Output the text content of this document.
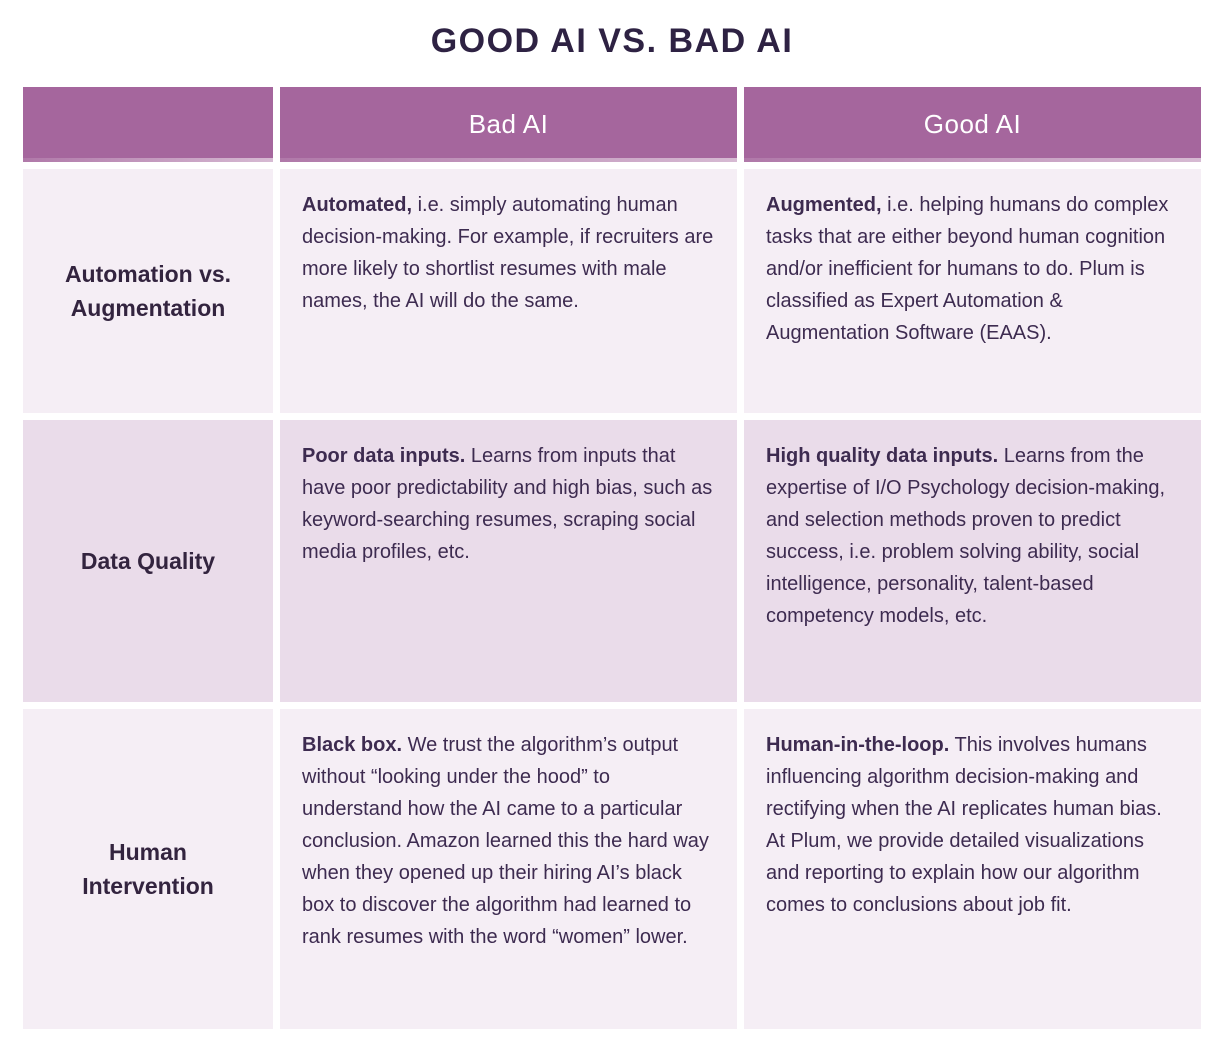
GOOD AI VS. BAD AI
Bad AI	Good AI
Automation vs. Augmentation

Automated, i.e. simply automating human decision-making. For example, if recruiters are more likely to shortlist resumes with male names, the AI will do the same.

Augmented, i.e. helping humans do complex tasks that are either beyond human cognition and/or inefficient for humans to do. Plum is classified as Expert Automation & Augmentation Software (EAAS).

Data Quality

Poor data inputs. Learns from inputs that have poor predictability and high bias, such as keyword-searching resumes, scraping social media profiles, etc.

High quality data inputs. Learns from the expertise of I/O Psychology decision-making, and selection methods proven to predict success, i.e. problem solving ability, social intelligence, personality, talent-based competency models, etc.

Human Intervention

Black box. We trust the algorithm’s output without “looking under the hood” to understand how the AI came to a particular conclusion. Amazon learned this the hard way when they opened up their hiring AI’s black box to discover the algorithm had learned to rank resumes with the word “women” lower.

Human-in-the-loop. This involves humans influencing algorithm decision-making and rectifying when the AI replicates human bias. At Plum, we provide detailed visualizations and reporting to explain how our algorithm comes to conclusions about job fit.
